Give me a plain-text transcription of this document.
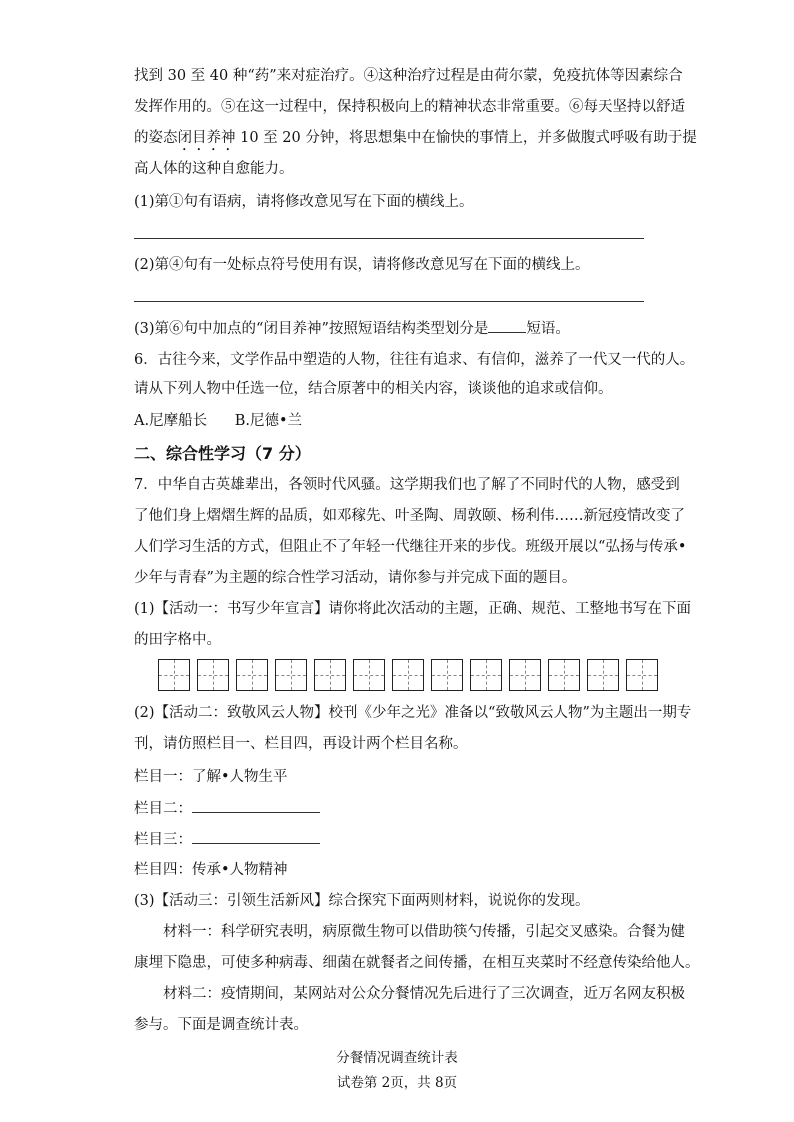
找到 30 至 40 种“药”来对症治疗。④这种治疗过程是由荷尔蒙，免疫抗体等因素综合
发挥作用的。⑤在这一过程中，保持积极向上的精神状态非常重要。⑥每天坚持以舒适
的姿态闭目养神 10 至 20 分钟，将思想集中在愉快的事情上，并多做腹式呼吸有助于提
高人体的这种自愈能力。
(1)第①句有语病，请将修改意见写在下面的横线上。
(2)第④句有一处标点符号使用有误，请将修改意见写在下面的横线上。
(3)第⑥句中加点的“闭目养神”按照短语结构类型划分是	短语。
6．古往今来，文学作品中塑造的人物，往往有追求、有信仰，滋养了一代又一代的人。
请从下列人物中任选一位，结合原著中的相关内容，谈谈他的追求或信仰。
A.尼摩船长      B.尼德•兰
二、综合性学习（7 分）
7．中华自古英雄辈出，各领时代风骚。这学期我们也了解了不同时代的人物，感受到
了他们身上熠熠生辉的品质，如邓稼先、叶圣陶、周敦颐、杨利伟……新冠疫情改变了
人们学习生活的方式，但阻止不了年轻一代继往开来的步伐。班级开展以“弘扬与传承•
少年与青春”为主题的综合性学习活动，请你参与并完成下面的题目。
(1)【活动一：书写少年宣言】请你将此次活动的主题，正确、规范、工整地书写在下面
的田字格中。
(2)【活动二：致敬风云人物】校刊《少年之光》准备以“致敬风云人物”为主题出一期专
刊，请仿照栏目一、栏目四，再设计两个栏目名称。
栏目一：了解•人物生平
栏目二：
栏目三：
栏目四：传承•人物精神
(3)【活动三：引领生活新风】综合探究下面两则材料，说说你的发现。
材料一：科学研究表明，病原微生物可以借助筷勺传播，引起交叉感染。合餐为健
康埋下隐患，可使多种病毒、细菌在就餐者之间传播，在相互夹菜时不经意传染给他人。
材料二：疫情期间，某网站对公众分餐情况先后进行了三次调查，近万名网友积极
参与。下面是调查统计表。
分餐情况调查统计表
试卷第 2页，共 8页
